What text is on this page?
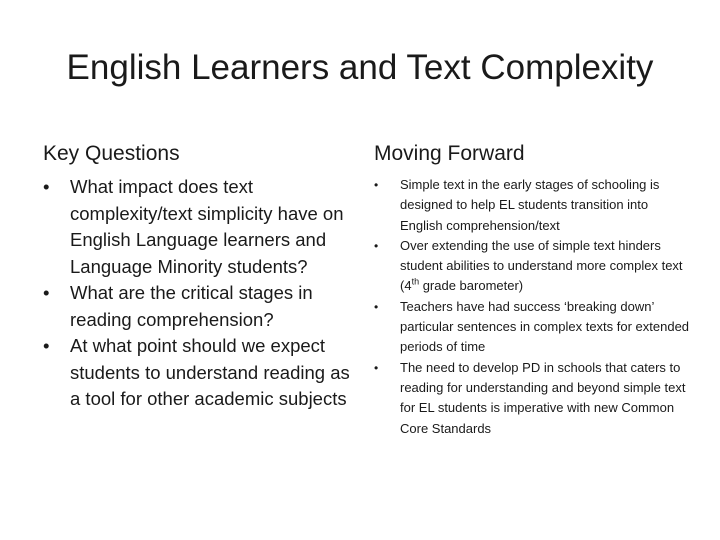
English Learners and Text Complexity
Key Questions	Moving Forward
• What impact does text complexity/text simplicity have on English Language learners and Language Minority students?
• What are the critical stages in reading comprehension?
• At what point should we expect students to understand reading as a tool for other academic subjects
• Simple text in the early stages of schooling is designed to help EL students transition into English comprehension/text
• Over extending the use of simple text hinders student abilities to understand more complex text (4th grade barometer)
• Teachers have had success ‘breaking down’ particular sentences in complex texts for extended periods of time
• The need to develop PD in schools that caters to reading for understanding and beyond simple text for EL students is imperative with new Common Core Standards
